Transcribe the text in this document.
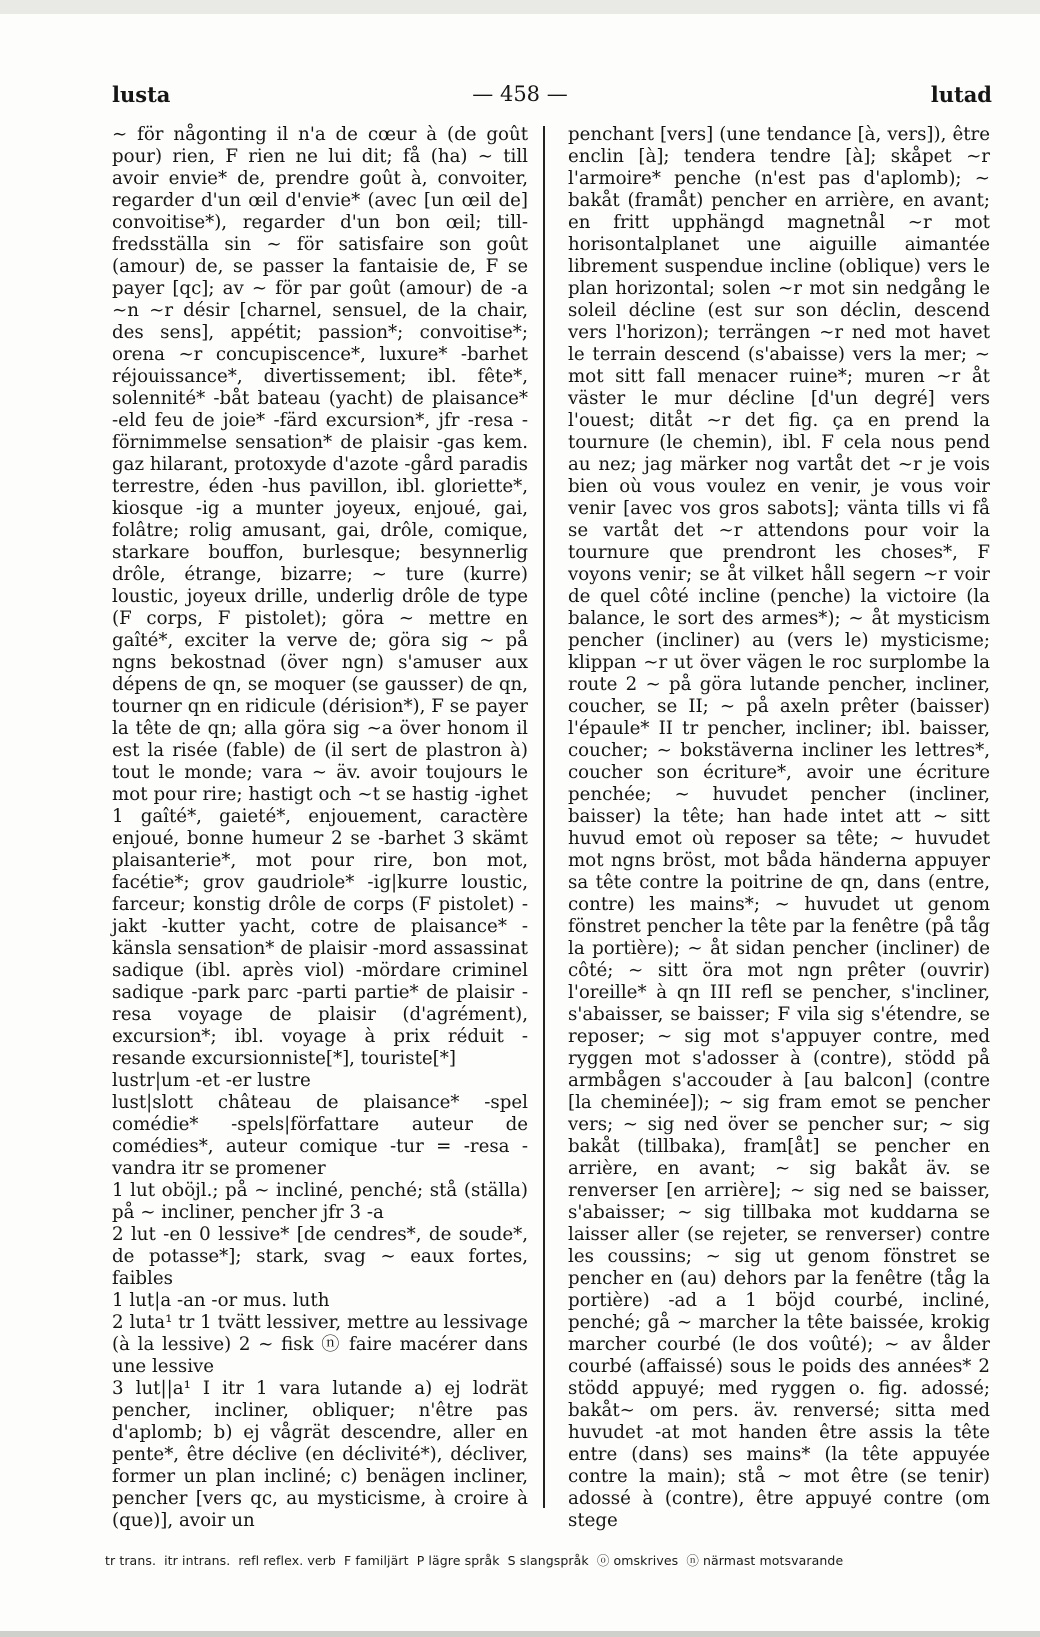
lusta	— 458 —	lutad

∼ för någonting il n'a de cœur à (de goût pour) rien, F rien ne lui dit; få (ha) ∼ till avoir envie* de, prendre goût à, convoiter, regarder d'un œil d'envie* (avec [un œil de] convoitise*), regarder d'un bon œil; till-fredsställa sin ∼ för satisfaire son goût (amour) de, se passer la fantaisie de, F se payer [qc]; av ∼ för par goût (amour) de -a ∼n ∼r désir [charnel, sensuel, de la chair, des sens], appétit; passion*; convoitise*; orena ∼r concupiscence*, luxure* -barhet réjouissance*, divertissement; ibl. fête*, solennité* -båt bateau (yacht) de plaisance* -eld feu de joie* -färd excursion*, jfr -resa -förnimmelse sensation* de plaisir -gas kem. gaz hilarant, protoxyde d'azote -gård paradis terrestre, éden -hus pavillon, ibl. gloriette*, kiosque -ig a munter joyeux, enjoué, gai, folâtre; rolig amusant, gai, drôle, comique, starkare bouffon, burlesque; besynnerlig drôle, étrange, bizarre; ∼ ture (kurre) loustic, joyeux drille, underlig drôle de type (F corps, F pistolet); göra ∼ mettre en gaîté*, exciter la verve de; göra sig ∼ på ngns bekostnad (över ngn) s'amuser aux dépens de qn, se moquer (se gausser) de qn, tourner qn en ridicule (dérision*), F se payer la tête de qn; alla göra sig ∼a över honom il est la risée (fable) de (il sert de plastron à) tout le monde; vara ∼ äv. avoir toujours le mot pour rire; hastigt och ∼t se hastig -ighet 1 gaîté*, gaieté*, enjouement, caractère enjoué, bonne humeur 2 se -barhet 3 skämt plaisanterie*, mot pour rire, bon mot, facétie*; grov gaudriole* -ig|kurre loustic, farceur; konstig drôle de corps (F pistolet) -jakt -kutter yacht, cotre de plaisance* -känsla sensation* de plaisir -mord assassinat sadique (ibl. après viol) -mördare criminel sadique -park parc -parti partie* de plaisir -resa voyage de plaisir (d'agrément), excursion*; ibl. voyage à prix réduit -resande excursionniste[*], touriste[*]

lustr|um -et -er lustre

lust|slott château de plaisance* -spel comédie* -spels|författare auteur de comédies*, auteur comique -tur = -resa -vandra itr se promener

1 lut oböjl.; på ∼ incliné, penché; stå (ställa) på ∼ incliner, pencher jfr 3 -a

2 lut -en 0 lessive* [de cendres*, de soude*, de potasse*]; stark, svag ∼ eaux fortes, faibles

1 lut|a -an -or mus. luth

2 luta¹ tr 1 tvätt lessiver, mettre au lessivage (à la lessive) 2 ∼ fisk ⓝ faire macérer dans une lessive

3 lut||a¹ I itr 1 vara lutande a) ej lodrät pencher, incliner, obliquer; n'être pas d'aplomb; b) ej vågrät descendre, aller en pente*, être déclive (en déclivité*), décliver, former un plan incliné; c) benägen incliner, pencher [vers qc, au mysticisme, à croire à (que)], avoir un

penchant [vers] (une tendance [à, vers]), être enclin [à]; tendera tendre [à]; skåpet ∼r l'armoire* penche (n'est pas d'aplomb); ∼ bakåt (framåt) pencher en arrière, en avant; en fritt upphängd magnetnål ∼r mot horisontalplanet une aiguille aimantée librement suspendue incline (oblique) vers le plan horizontal; solen ∼r mot sin nedgång le soleil décline (est sur son déclin, descend vers l'horizon); terrängen ∼r ned mot havet le terrain descend (s'abaisse) vers la mer; ∼ mot sitt fall menacer ruine*; muren ∼r åt väster le mur décline [d'un degré] vers l'ouest; ditåt ∼r det fig. ça en prend la tournure (le chemin), ibl. F cela nous pend au nez; jag märker nog vartåt det ∼r je vois bien où vous voulez en venir, je vous voir venir [avec vos gros sabots]; vänta tills vi få se vartåt det ∼r attendons pour voir la tournure que prendront les choses*, F voyons venir; se åt vilket håll segern ∼r voir de quel côté incline (penche) la victoire (la balance, le sort des armes*); ∼ åt mysticism pencher (incliner) au (vers le) mysticisme; klippan ∼r ut över vägen le roc surplombe la route 2 ∼ på göra lutande pencher, incliner, coucher, se II; ∼ på axeln prêter (baisser) l'épaule* II tr pencher, incliner; ibl. baisser, coucher; ∼ bokstäverna incliner les lettres*, coucher son écriture*, avoir une écriture penchée; ∼ huvudet pencher (incliner, baisser) la tête; han hade intet att ∼ sitt huvud emot où reposer sa tête; ∼ huvudet mot ngns bröst, mot båda händerna appuyer sa tête contre la poitrine de qn, dans (entre, contre) les mains*; ∼ huvudet ut genom fönstret pencher la tête par la fenêtre (på tåg la portière); ∼ åt sidan pencher (incliner) de côté; ∼ sitt öra mot ngn prêter (ouvrir) l'oreille* à qn III refl se pencher, s'incliner, s'abaisser, se baisser; F vila sig s'étendre, se reposer; ∼ sig mot s'appuyer contre, med ryggen mot s'adosser à (contre), stödd på armbågen s'accouder à [au balcon] (contre [la cheminée]); ∼ sig fram emot se pencher vers; ∼ sig ned över se pencher sur; ∼ sig bakåt (tillbaka), fram[åt] se pencher en arrière, en avant; ∼ sig bakåt äv. se renverser [en arrière]; ∼ sig ned se baisser, s'abaisser; ∼ sig tillbaka mot kuddarna se laisser aller (se rejeter, se renverser) contre les coussins; ∼ sig ut genom fönstret se pencher en (au) dehors par la fenêtre (tåg la portière) -ad a 1 böjd courbé, incliné, penché; gå ∼ marcher la tête baissée, krokig marcher courbé (le dos voûté); ∼ av ålder courbé (affaissé) sous le poids des années* 2 stödd appuyé; med ryggen o. fig. adossé; bakåt∼ om pers. äv. renversé; sitta med huvudet -at mot handen être assis la tête entre (dans) ses mains* (la tête appuyée contre la main); stå ∼ mot être (se tenir) adossé à (contre), être appuyé contre (om stege

tr trans. itr intrans. refl reflex. verb F familjärt P lägre språk S slangspråk ⓞ omskrives ⓝ närmast motsvarande
